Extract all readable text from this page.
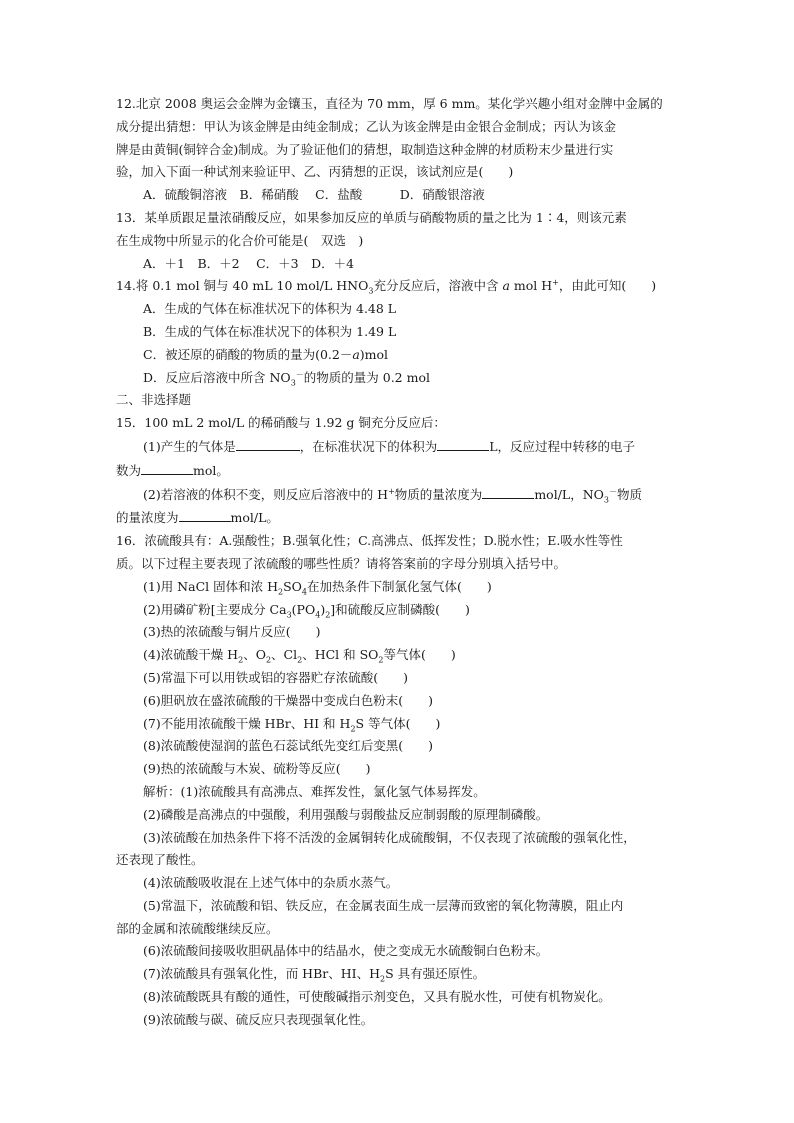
12.北京 2008 奥运会金牌为金镶玉，直径为 70 mm，厚 6 mm。某化学兴趣小组对金牌中金属的
成分提出猜想：甲认为该金牌是由纯金制成；乙认为该金牌是由金银合金制成；丙认为该金
牌是由黄铜(铜锌合金)制成。为了验证他们的猜想，取制造这种金牌的材质粉末少量进行实
验，加入下面一种试剂来验证甲、乙、丙猜想的正误，该试剂应是(　　)
A．硫酸铜溶液　B．稀硝酸　 C．盐酸　　　D．硝酸银溶液
13．某单质跟足量浓硝酸反应，如果参加反应的单质与硝酸物质的量之比为 1∶4，则该元素
在生成物中所显示的化合价可能是(　双选　)
A．＋1　B．＋2　 C．＋3　D．＋4
14.将 0.1 mol 铜与 40 mL 10 mol/L $HNO_3$充分反应后，溶液中含 a mol H+，由此可知(　　)
A．生成的气体在标准状况下的体积为 4.48 L
B．生成的气体在标准状况下的体积为 1.49 L
C．被还原的硝酸的物质的量为(0.2－a)mol
D．反应后溶液中所含 $NO_3^-$的物质的量为 0.2 mol
二、非选择题
15．100 mL 2 mol/L 的稀硝酸与 1.92 g 铜充分反应后：
(1)产生的气体是	，在标准状况下的体积为	L，反应过程中转移的电子
数为	mol。
(2)若溶液的体积不变，则反应后溶液中的 H+物质的量浓度为	mol/L，$NO_3^-$物质
的量浓度为	mol/L。
16．浓硫酸具有：A.强酸性；B.强氧化性；C.高沸点、低挥发性；D.脱水性；E.吸水性等性
质。以下过程主要表现了浓硫酸的哪些性质？请将答案前的字母分别填入括号中。
(1)用 NaCl 固体和浓 $H_2SO_4$在加热条件下制氯化氢气体(　　)
(2)用磷矿粉[主要成分 $Ca_3(PO_4)_2$]和硫酸反应制磷酸(　　)
(3)热的浓硫酸与铜片反应(　　)
(4)浓硫酸干燥 $H_2$、$O_2$、$Cl_2$、HCl 和 $SO_2$等气体(　　)
(5)常温下可以用铁或铝的容器贮存浓硫酸(　　)
(6)胆矾放在盛浓硫酸的干燥器中变成白色粉末(　　)
(7)不能用浓硫酸干燥 HBr、HI 和 $H_2S$ 等气体(　　)
(8)浓硫酸使湿润的蓝色石蕊试纸先变红后变黑(　　)
(9)热的浓硫酸与木炭、硫粉等反应(　　)
解析：(1)浓硫酸具有高沸点、难挥发性，氯化氢气体易挥发。
(2)磷酸是高沸点的中强酸，利用强酸与弱酸盐反应制弱酸的原理制磷酸。
(3)浓硫酸在加热条件下将不活泼的金属铜转化成硫酸铜，不仅表现了浓硫酸的强氧化性，
还表现了酸性。
(4)浓硫酸吸收混在上述气体中的杂质水蒸气。
(5)常温下，浓硫酸和铝、铁反应，在金属表面生成一层薄而致密的氧化物薄膜，阻止内
部的金属和浓硫酸继续反应。
(6)浓硫酸间接吸收胆矾晶体中的结晶水，使之变成无水硫酸铜白色粉末。
(7)浓硫酸具有强氧化性，而 HBr、HI、$H_2S$ 具有强还原性。
(8)浓硫酸既具有酸的通性，可使酸碱指示剂变色，又具有脱水性，可使有机物炭化。
(9)浓硫酸与碳、硫反应只表现强氧化性。
